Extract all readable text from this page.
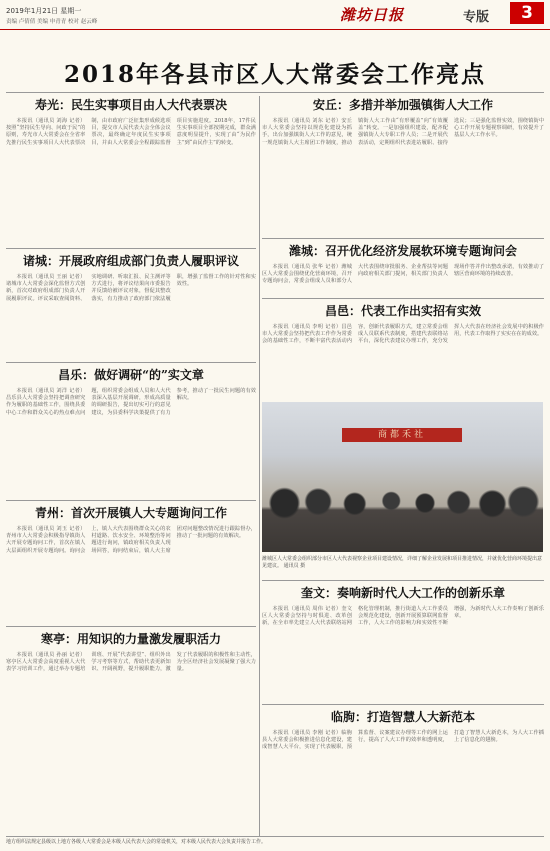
2019年1月21日 星期一
责编 卢倩倩 美编 申青青 校对 赵云峰	潍坊日报	专版	3
2018年各县市区人大常委会工作亮点
寿光：民生实事项目由人大代表票决

本报讯（通讯员 刘海 记者）按照“坚持民生导向、问政于民”的原则，寿光市人大常委会在全省率先推行民生实事项目人大代表票决制，由市政府广泛征集形成候选项目，提交市人民代表大会全体会议票决，最终确定年度民生实事项目，并由人大常委会全程跟踪监督项目实施进度。2018年，17件民生实事项目全部按期完成，群众满意度明显提升，实现了由“为民作主”到“由民作主”的转变。

安丘：多措并举加强镇街人大工作

本报讯（通讯员 刘东 记者）安丘市人大常委会坚持以规范化建设为抓手，出台加强镇街人大工作的意见，统一规范镇街人大主席团工作制度，推动镇街人大工作由“有形覆盖”向“有效覆盖”转变。一是加强组织建设，配齐配强镇街人大专职工作人员；二是开展代表活动，定期组织代表进站履职、接待选民；三是强化监督实效，围绕镇街中心工作开展专题视察调研，有效提升了基层人大工作水平。

诸城：开展政府组成部门负责人履职评议

本报讯（通讯员 王丽 记者）诸城市人大常委会深化监督方式创新，首次对政府组成部门负责人开展履职评议。评议采取查阅资料、实地调研、听取汇报、民主测评等方式进行，将评议结果向市委报告并反馈给被评议对象，督促其整改落实，有力推动了政府部门依法履职，增强了监督工作的针对性和实效性。

潍城：召开优化经济发展软环境专题询问会

本报讯（通讯员 张华 记者）潍城区人大常委会围绕优化营商环境，召开专题询问会，常委会组成人员和部分人大代表围绕审批服务、企业帮扶等问题向政府相关部门提问，相关部门负责人现场作答并作出整改承诺，有效推动了辖区营商环境的持续改善。

昌乐：做好调研“的”实文章

本报讯（通讯员 刘洋 记者）昌乐县人大常委会坚持把调查研究作为履职的基础性工作，围绕县委中心工作和群众关心的热点难点问题，组织常委会组成人员和人大代表深入基层开展调研，形成高质量的调研报告，提出切实可行的意见建议，为县委科学决策提供了有力参考，推动了一批民生问题的有效解决。

昌邑：代表工作出实招有实效

本报讯（通讯员 李明 记者）昌邑市人大常委会坚持把代表工作作为常委会的基础性工作，不断丰富代表活动内容，创新代表履职方式，建立常委会组成人员联系代表制度，搭建代表联络站平台，深化代表建议办理工作，充分发挥人大代表在经济社会发展中的积极作用，代表工作取得了实实在在的成效。

商都禾社
潍城区人大常委会组织部分市区人大代表视察企业项目建设情况，详细了解企业发展和项目推进情况，并就优化营商环境提出意见建议。 通讯员 摄
青州：首次开展镇人大专题询问工作

本报讯（通讯员 刘玉 记者）青州市人大常委会积极指导镇街人大开展专题询问工作，首次在镇人大层面组织开展专题询问。询问会上，镇人大代表围绕群众关心的农村道路、饮水安全、环境整治等问题进行询问，镇政府相关负责人现场回答，询问结束后，镇人大主席团对问题整改情况进行跟踪督办，推动了一批问题的有效解决。

奎文：奏响新时代人大工作的创新乐章

本报讯（通讯员 周伟 记者）奎文区人大常委会坚持与时俱进、改革创新，在全市率先建立人大代表联络站网格化管理机制，推行街道人大工作委员会规范化建设，创新开展预算联网监督工作，人大工作的影响力和实效性不断增强，为新时代人大工作奏响了创新乐章。

寒亭：用知识的力量激发履职活力

本报讯（通讯员 孙丽 记者）寒亭区人大常委会高度重视人大代表学习培训工作，通过举办专题培训班、开展“代表讲堂”、组织外出学习考察等方式，帮助代表更新知识、开阔视野，提升履职能力，激发了代表履职的积极性和主动性，为全区经济社会发展凝聚了强大力量。

临朐：打造智慧人大新范本

本报讯（通讯员 李刚 记者）临朐县人大常委会积极推进信息化建设，建成智慧人大平台，实现了代表履职、预算监督、议案建议办理等工作的网上运行，提高了人大工作的效率和透明度，打造了智慧人大新范本，为人大工作插上了信息化的翅膀。

地方组织法规定县级以上地方各级人大常委会是本级人民代表大会的常设机关，对本级人民代表大会负责并报告工作。
